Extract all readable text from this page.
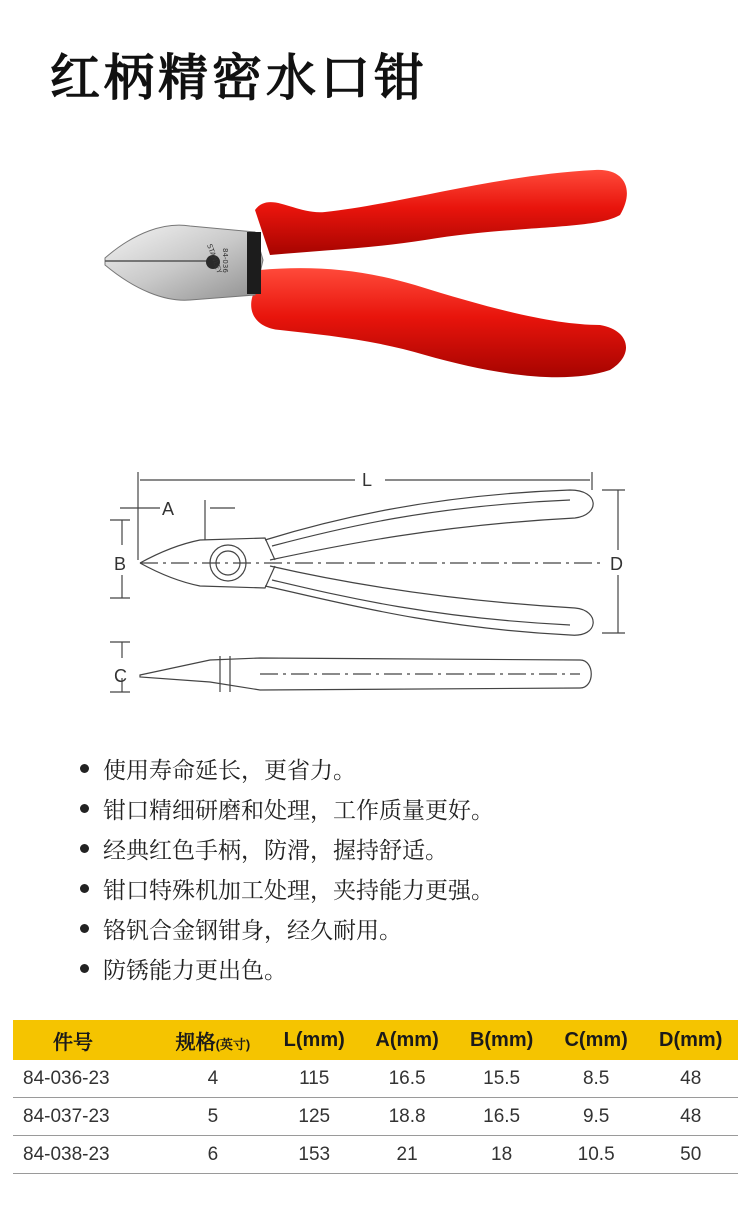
红柄精密水口钳
STANLEY
84-036
L
A
B	D
C
使用寿命延长，更省力。
钳口精细研磨和处理，工作质量更好。
经典红色手柄，防滑，握持舒适。
钳口特殊机加工处理，夹持能力更强。
铬钒合金钢钳身，经久耐用。
防锈能力更出色。
件号	规格(英寸)	L(mm)	A(mm)	B(mm)	C(mm)	D(mm)
84-036-23	4	115	16.5	15.5	8.5	48
84-037-23	5	125	18.8	16.5	9.5	48
84-038-23	6	153	21	18	10.5	50
